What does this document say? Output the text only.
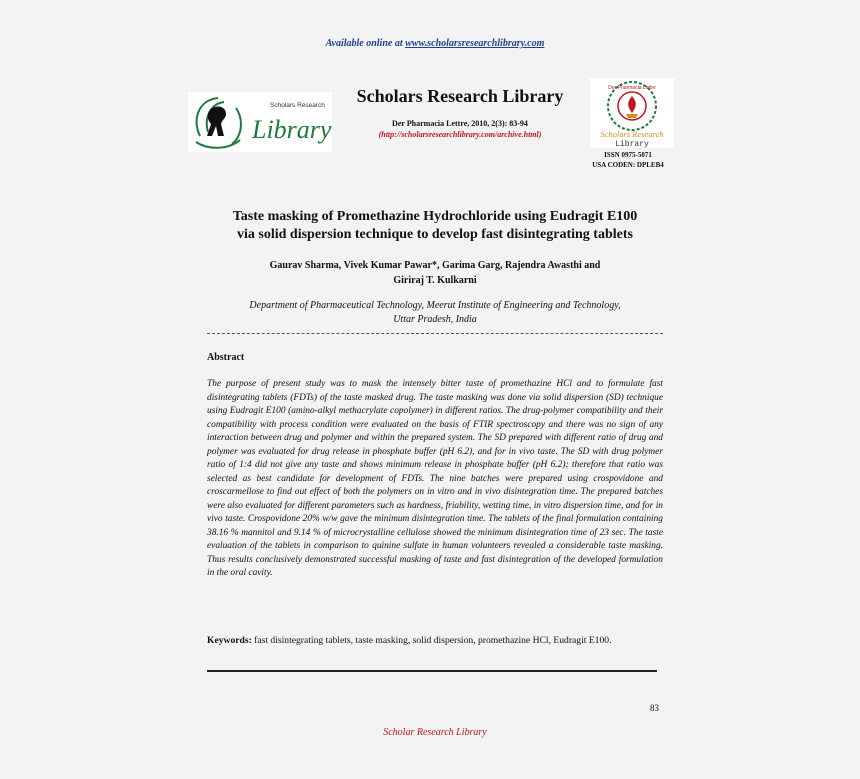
Available online at www.scholarsresearchlibrary.com
Scholars Research
Library
Scholars Research Library
Der Pharmacia Lettre, 2010, 2(3): 83-94
(http://scholarsresearchlibrary.com/archive.html)
Der Pharmacia Lettre
Scholars Research
Library
ISSN 0975-5071
USA CODEN: DPLEB4
Taste masking of Promethazine Hydrochloride using Eudragit E100
via solid dispersion technique to develop fast disintegrating tablets
Gaurav Sharma, Vivek Kumar Pawar*, Garima Garg, Rajendra Awasthi and
Giriraj T. Kulkarni
Department of Pharmaceutical Technology, Meerut Institute of Engineering and Technology,
Uttar Pradesh, India
Abstract
The purpose of present study was to mask the intensely bitter taste of promethazine HCl and to formulate fast disintegrating tablets (FDTs) of the taste masked drug. The taste masking was done via solid dispersion (SD) technique using Eudragit E100 (amino-alkyl methacrylate copolymer) in different ratios. The drug-polymer compatibility and their compatibility with process condition were evaluated on the basis of FTIR spectroscopy and there was no sign of any interaction between drug and polymer and within the prepared system. The SD prepared with different ratio of drug and polymer was evaluated for drug release in phosphate buffer (pH 6.2), and for in vivo taste. The SD with drug polymer ratio of 1:4 did not give any taste and shows minimum release in phosphate buffer (pH 6.2); therefore that ratio was selected as best candidate for development of FDTs. The nine batches were prepared using crospovidone and croscarmellose to find out effect of both the polymers on in vitro and in vivo disintegration time. The prepared batches were also evaluated for different parameters such as hardness, friability, wetting time, in vitro dispersion time, and for in vivo taste. Crospovidone 20% w/w gave the minimum disintegration time. The tablets of the final formulation containing 38.16 % mannitol and 9.14 % of microcrystalline cellulose showed the minimum disintegration time of 23 sec. The taste evaluation of the tablets in comparison to quinine sulfate in human volunteers revealed a considerable taste masking. Thus results conclusively demonstrated successful masking of taste and fast disintegration of the developed formulation in the oral cavity.
Keywords: fast disintegrating tablets, taste masking, solid dispersion, promethazine HCl, Eudragit E100.
83
Scholar Research Library
